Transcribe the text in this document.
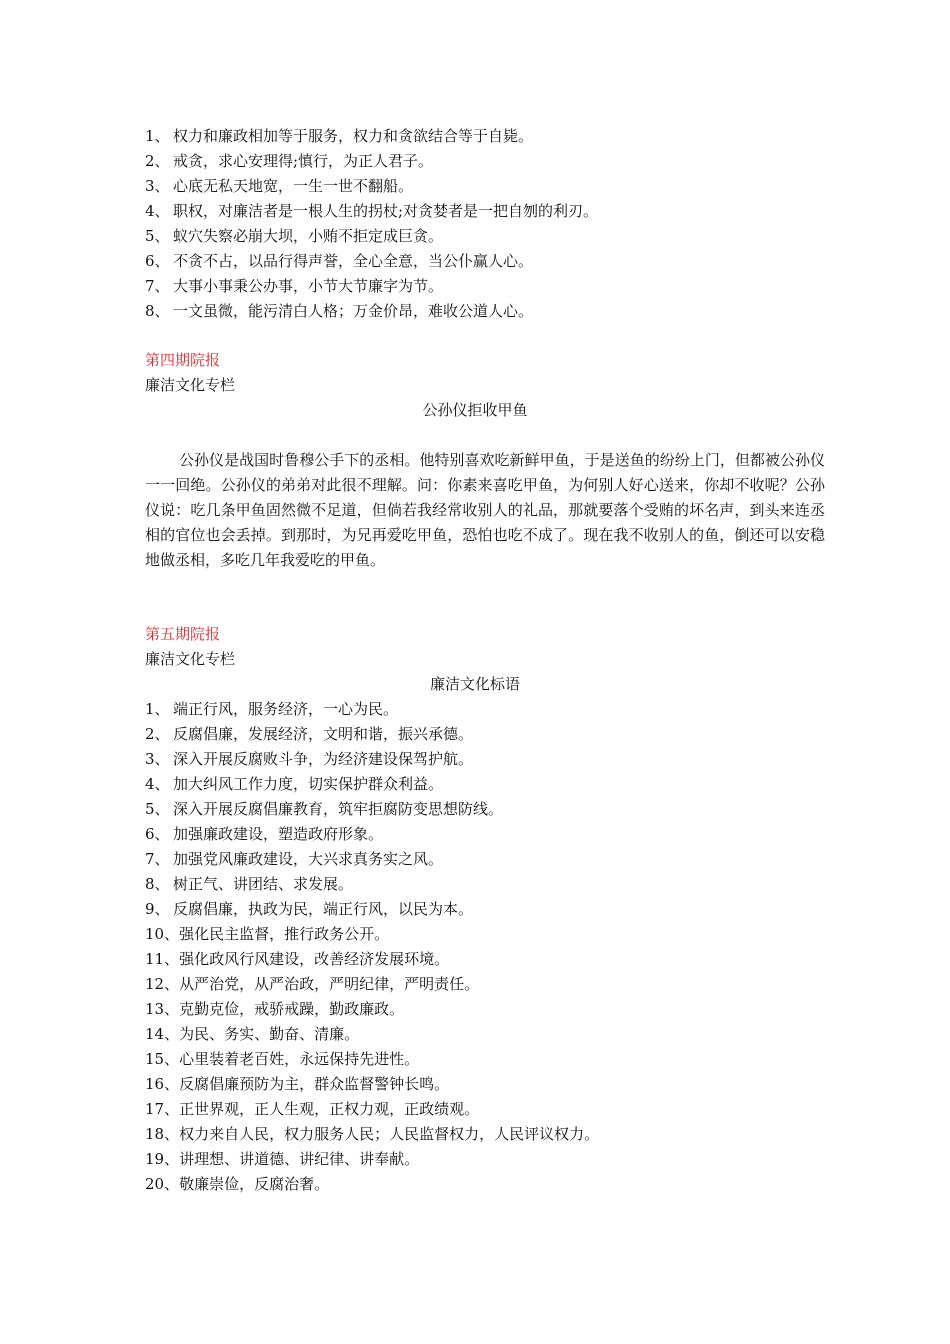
1、 权力和廉政相加等于服务，权力和贪欲结合等于自毙。
2、 戒贪，求心安理得;慎行，为正人君子。
3、 心底无私天地宽，一生一世不翻船。
4、 职权，对廉洁者是一根人生的拐杖;对贪婪者是一把自刎的利刃。
5、 蚁穴失察必崩大坝，小贿不拒定成巨贪。
6、 不贪不占，以品行得声誉，全心全意，当公仆赢人心。
7、 大事小事秉公办事，小节大节廉字为节。
8、 一文虽微，能污清白人格；万金价昂，难收公道人心。
第四期院报
廉洁文化专栏
公孙仪拒收甲鱼
公孙仪是战国时鲁穆公手下的丞相。他特别喜欢吃新鲜甲鱼，于是送鱼的纷纷上门，但都被公孙仪一一回绝。公孙仪的弟弟对此很不理解。问：你素来喜吃甲鱼，为何别人好心送来，你却不收呢？公孙仪说：吃几条甲鱼固然微不足道，但倘若我经常收别人的礼品，那就要落个受贿的坏名声，到头来连丞相的官位也会丢掉。到那时，为兄再爱吃甲鱼，恐怕也吃不成了。现在我不收别人的鱼，倒还可以安稳地做丞相，多吃几年我爱吃的甲鱼。
第五期院报
廉洁文化专栏
廉洁文化标语
1、 端正行风，服务经济，一心为民。
2、 反腐倡廉，发展经济，文明和谐，振兴承德。
3、 深入开展反腐败斗争，为经济建设保驾护航。
4、 加大纠风工作力度，切实保护群众利益。
5、 深入开展反腐倡廉教育，筑牢拒腐防变思想防线。
6、 加强廉政建设，塑造政府形象。
7、 加强党风廉政建设，大兴求真务实之风。
8、 树正气、讲团结、求发展。
9、 反腐倡廉，执政为民，端正行风，以民为本。
10、强化民主监督，推行政务公开。
11、强化政风行风建设，改善经济发展环境。
12、从严治党，从严治政，严明纪律，严明责任。
13、克勤克俭，戒骄戒躁，勤政廉政。
14、为民、务实、勤奋、清廉。
15、心里装着老百姓，永远保持先进性。
16、反腐倡廉预防为主，群众监督警钟长鸣。
17、正世界观，正人生观，正权力观，正政绩观。
18、权力来自人民，权力服务人民；人民监督权力，人民评议权力。
19、讲理想、讲道德、讲纪律、讲奉献。
20、敬廉崇俭，反腐治奢。
